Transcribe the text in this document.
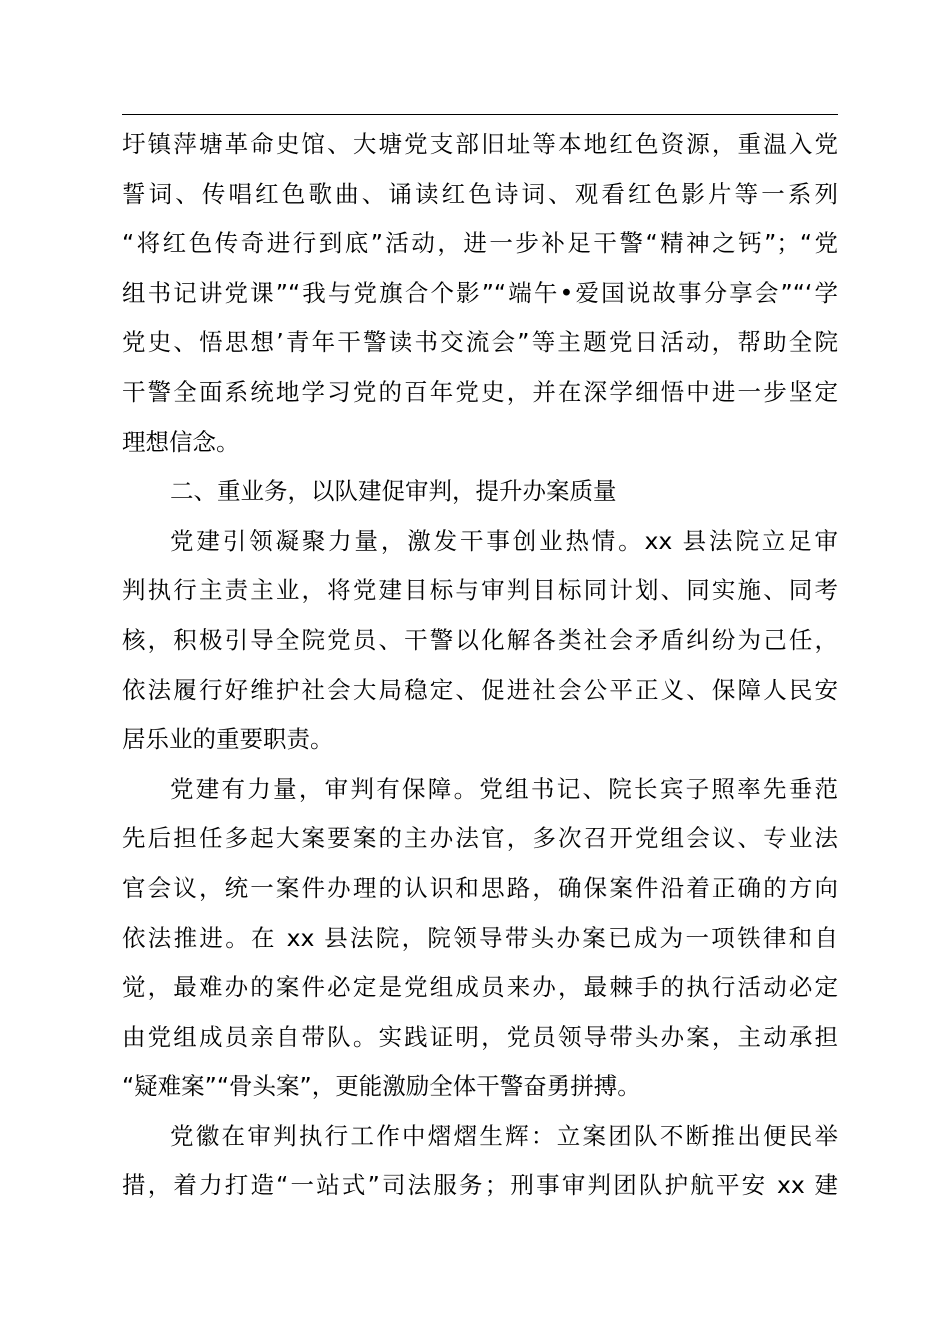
圩镇萍塘革命史馆、大塘党支部旧址等本地红色资源，重温入党
誓词、传唱红色歌曲、诵读红色诗词、观看红色影片等一系列
“将红色传奇进行到底”活动，进一步补足干警“精神之钙”；“党
组书记讲党课”“我与党旗合个影”“端午•爱国说故事分享会”“‘学
党史、悟思想’青年干警读书交流会”等主题党日活动，帮助全院
干警全面系统地学习党的百年党史，并在深学细悟中进一步坚定
理想信念。
二、重业务，以队建促审判，提升办案质量
党建引领凝聚力量，激发干事创业热情。xx 县法院立足审
判执行主责主业，将党建目标与审判目标同计划、同实施、同考
核，积极引导全院党员、干警以化解各类社会矛盾纠纷为己任，
依法履行好维护社会大局稳定、促进社会公平正义、保障人民安
居乐业的重要职责。
党建有力量，审判有保障。党组书记、院长宾子照率先垂范
先后担任多起大案要案的主办法官，多次召开党组会议、专业法
官会议，统一案件办理的认识和思路，确保案件沿着正确的方向
依法推进。在 xx 县法院，院领导带头办案已成为一项铁律和自
觉，最难办的案件必定是党组成员来办，最棘手的执行活动必定
由党组成员亲自带队。实践证明，党员领导带头办案，主动承担
“疑难案”“骨头案”，更能激励全体干警奋勇拼搏。
党徽在审判执行工作中熠熠生辉：立案团队不断推出便民举
措，着力打造“一站式”司法服务；刑事审判团队护航平安 xx 建
